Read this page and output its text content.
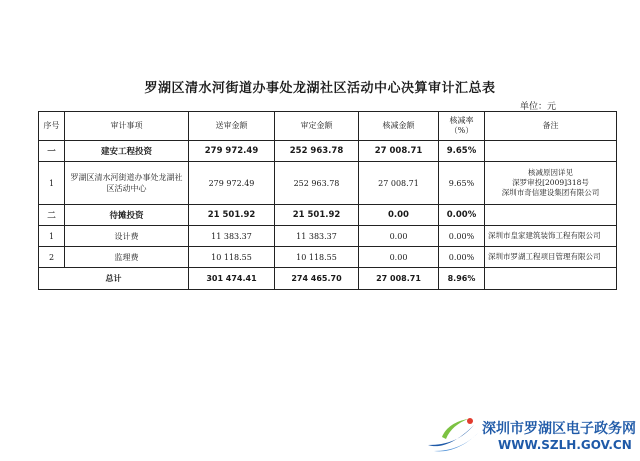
罗湖区清水河街道办事处龙湖社区活动中心决算审计汇总表
单位：元
序号	审计事项	送审金额	审定金额	核减金额	核减率（%）	备注
一	建安工程投资	279 972.49	252 963.78	27 008.71	9.65%	
1	罗湖区清水河街道办事处龙湖社区活动中心	279 972.49	252 963.78	27 008.71	9.65%	核减原因详见
深罗审投[2009]318号
深圳市奇信建设集团有限公司

二	待摊投资	21 501.92	21 501.92	0.00	0.00%	
1	设计费	11 383.37	11 383.37	0.00	0.00%	深圳市皇家建筑装饰工程有限公司
2	监理费	10 118.55	10 118.55	0.00	0.00%	深圳市罗湖工程项目管理有限公司
总计		301 474.41	274 465.70	27 008.71	8.96%	
深圳市罗湖区电子政务网
WWW.SZLH.GOV.CN
